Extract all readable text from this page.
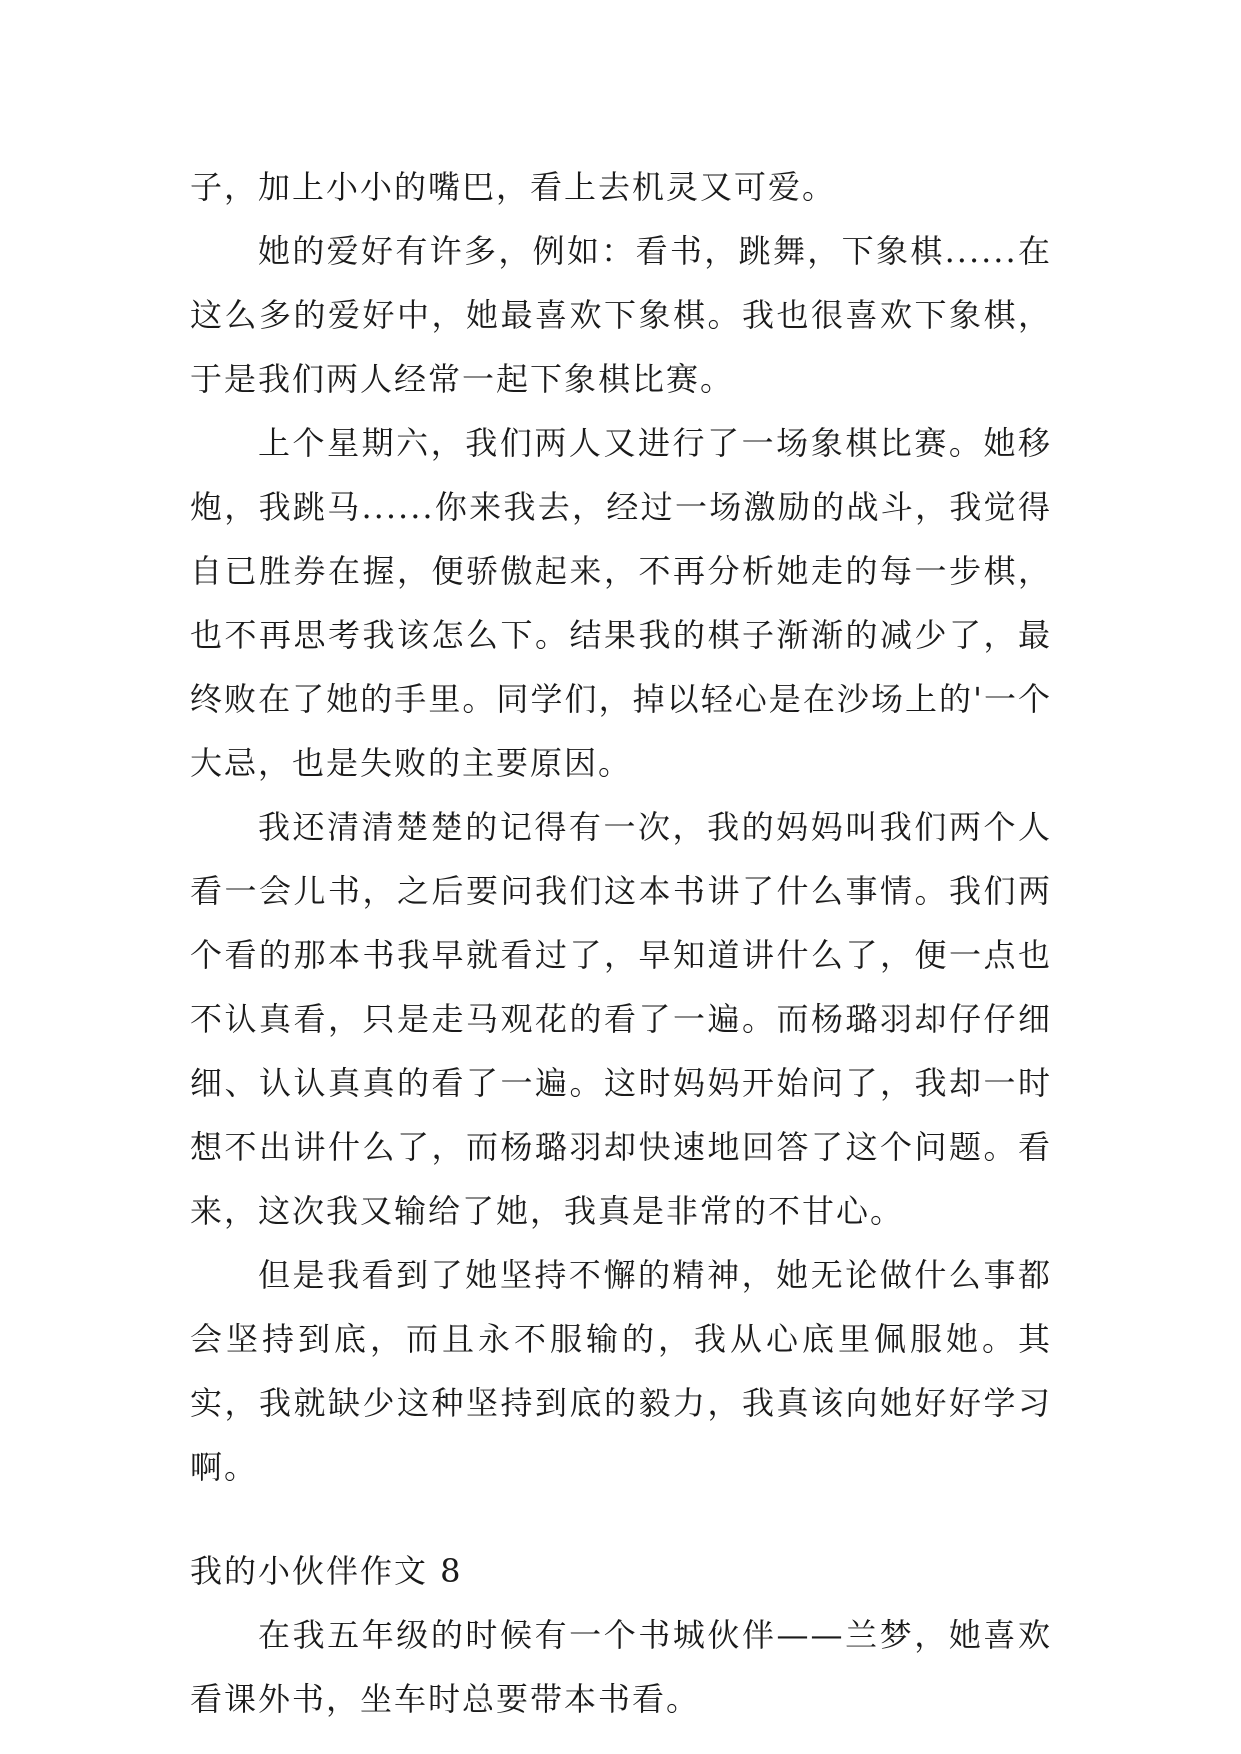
子，加上小小的嘴巴，看上去机灵又可爱。

她的爱好有许多，例如：看书，跳舞，下象棋......在这么多的爱好中，她最喜欢下象棋。我也很喜欢下象棋，于是我们两人经常一起下象棋比赛。

上个星期六，我们两人又进行了一场象棋比赛。她移炮，我跳马......你来我去，经过一场激励的战斗，我觉得自已胜券在握，便骄傲起来，不再分析她走的每一步棋，也不再思考我该怎么下。结果我的棋子渐渐的减少了，最终败在了她的手里。同学们，掉以轻心是在沙场上的'一个大忌，也是失败的主要原因。

我还清清楚楚的记得有一次，我的妈妈叫我们两个人看一会儿书，之后要问我们这本书讲了什么事情。我们两个看的那本书我早就看过了，早知道讲什么了，便一点也不认真看，只是走马观花的看了一遍。而杨璐羽却仔仔细细、认认真真的看了一遍。这时妈妈开始问了，我却一时想不出讲什么了，而杨璐羽却快速地回答了这个问题。看来，这次我又输给了她，我真是非常的不甘心。

但是我看到了她坚持不懈的精神，她无论做什么事都会坚持到底，而且永不服输的，我从心底里佩服她。其实，我就缺少这种坚持到底的毅力，我真该向她好好学习啊。

我的小伙伴作文 8

在我五年级的时候有一个书城伙伴——兰梦，她喜欢看课外书，坐车时总要带本书看。
